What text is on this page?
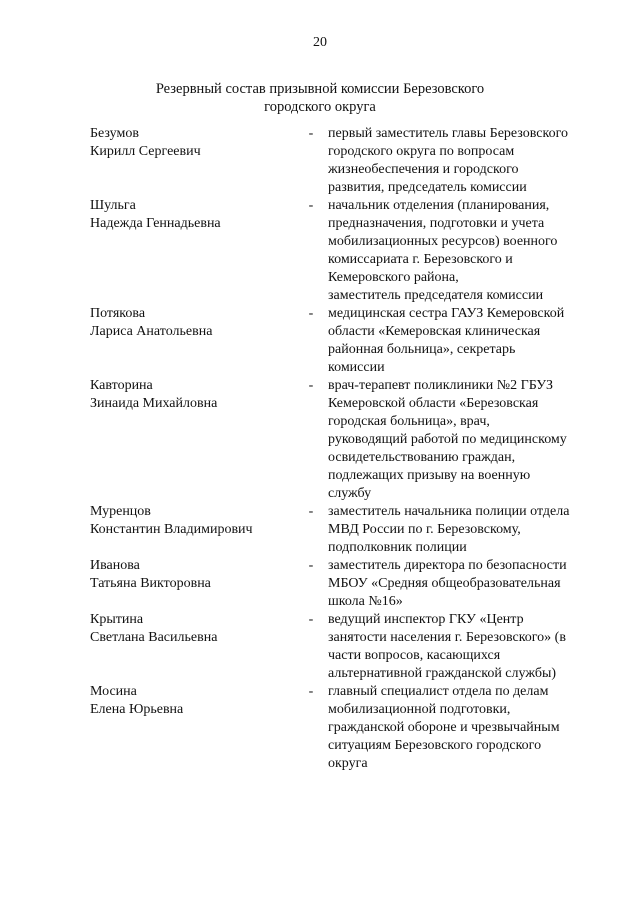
20
Резервный состав призывной комиссии Березовского
городского округа
Безумов
Кирилл Сергеевич
- первый заместитель главы Березовского
городского округа по вопросам
жизнеобеспечения и городского
развития, председатель комиссии
Шульга
Надежда Геннадьевна
- начальник отделения (планирования,
предназначения, подготовки и учета
мобилизационных ресурсов) военного
комиссариата г. Березовского и
Кемеровского района,
заместитель председателя комиссии
Потякова
Лариса Анатольевна
- медицинская сестра ГАУЗ Кемеровской
области «Кемеровская клиническая
районная больница», секретарь
комиссии
Кавторина
Зинаида Михайловна
- врач-терапевт поликлиники №2 ГБУЗ
Кемеровской области «Березовская
городская больница», врач,
руководящий работой по медицинскому
освидетельствованию граждан,
подлежащих призыву на военную
службу
Муренцов
Константин Владимирович
- заместитель начальника полиции отдела
МВД России по г. Березовскому,
подполковник полиции
Иванова
Татьяна Викторовна
- заместитель директора по безопасности
МБОУ «Средняя общеобразовательная
школа №16»
Крытина
Светлана Васильевна
- ведущий инспектор ГКУ «Центр
занятости населения г. Березовского» (в
части вопросов, касающихся
альтернативной гражданской службы)
Мосина
Елена Юрьевна
- главный специалист отдела по делам
мобилизационной подготовки,
гражданской обороне и чрезвычайным
ситуациям Березовского городского
округа
